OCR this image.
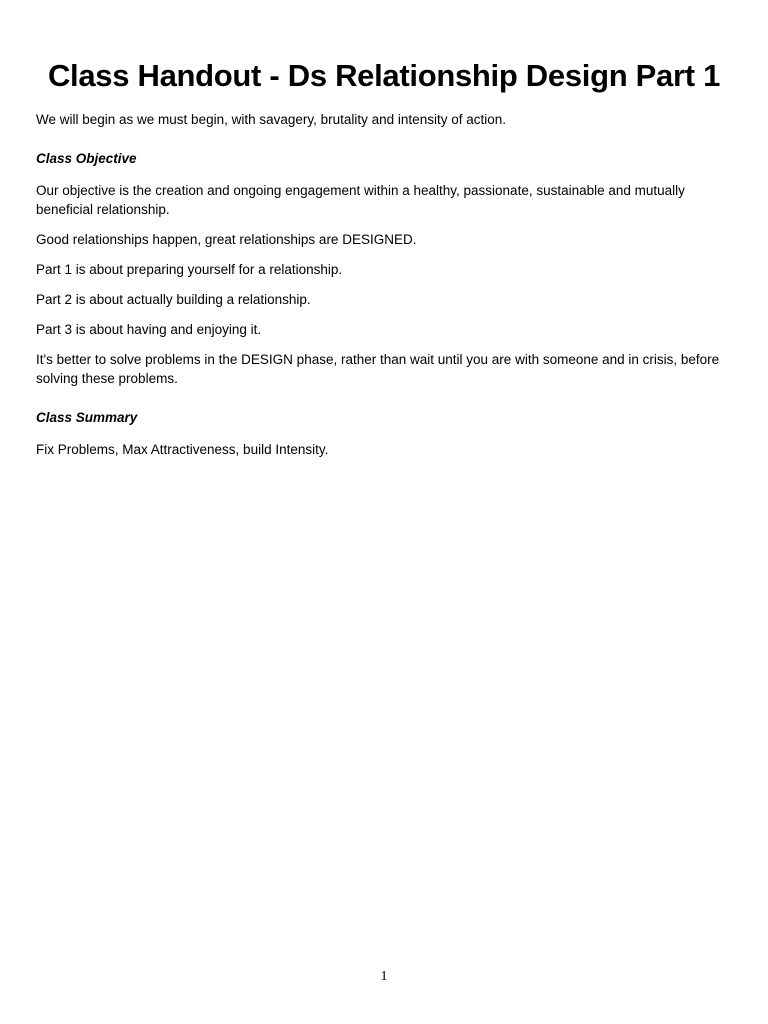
Class Handout - Ds Relationship Design Part 1

We will begin as we must begin, with savagery, brutality and intensity of action.

Class Objective

Our objective is the creation and ongoing engagement within a healthy, passionate, sustainable and mutually beneficial relationship.

Good relationships happen, great relationships are DESIGNED.

Part 1 is about preparing yourself for a relationship.

Part 2 is about actually building a relationship.

Part 3 is about having and enjoying it.

It's better to solve problems in the DESIGN phase, rather than wait until you are with someone and in crisis, before solving these problems.

Class Summary

Fix Problems, Max Attractiveness, build Intensity.

1
